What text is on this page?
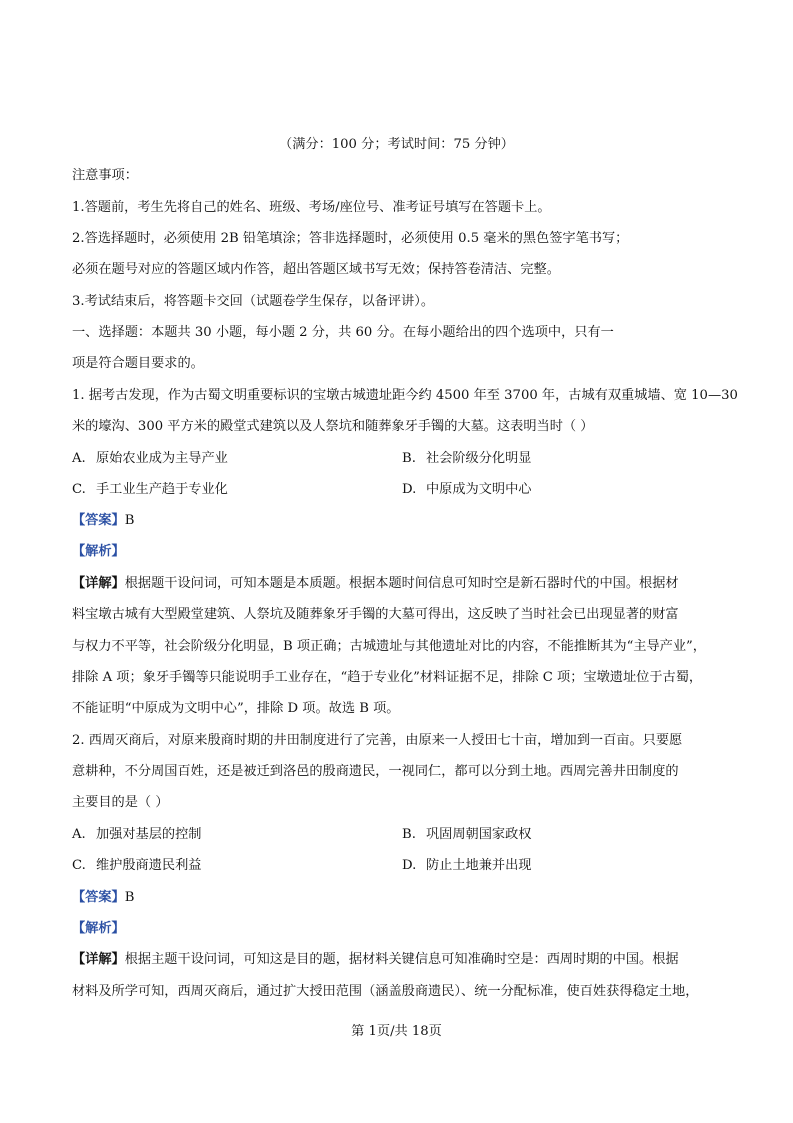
（满分：100 分；考试时间：75 分钟）
注意事项：
1.答题前，考生先将自己的姓名、班级、考场/座位号、准考证号填写在答题卡上。
2.答选择题时，必须使用 2B 铅笔填涂；答非选择题时，必须使用 0.5 毫米的黑色签字笔书写；
必须在题号对应的答题区域内作答，超出答题区域书写无效；保持答卷清洁、完整。
3.考试结束后，将答题卡交回（试题卷学生保存，以备评讲）。
一、选择题：本题共 30 小题，每小题 2 分，共 60 分。在每小题给出的四个选项中，只有一
项是符合题目要求的。
1. 据考古发现，作为古蜀文明重要标识的宝墩古城遗址距今约 4500 年至 3700 年，古城有双重城墙、宽 10—30
米的壕沟、300 平方米的殿堂式建筑以及人祭坑和随葬象牙手镯的大墓。这表明当时（ ）
A. 原始农业成为主导产业	B. 社会阶级分化明显
C. 手工业生产趋于专业化	D. 中原成为文明中心
【答案】B
【解析】
【详解】根据题干设问词，可知本题是本质题。根据本题时间信息可知时空是新石器时代的中国。根据材
料宝墩古城有大型殿堂建筑、人祭坑及随葬象牙手镯的大墓可得出，这反映了当时社会已出现显著的财富
与权力不平等，社会阶级分化明显，B 项正确；古城遗址与其他遗址对比的内容，不能推断其为“主导产业”，
排除 A 项；象牙手镯等只能说明手工业存在，“趋于专业化”材料证据不足，排除 C 项；宝墩遗址位于古蜀，
不能证明“中原成为文明中心”，排除 D 项。故选 B 项。
2. 西周灭商后，对原来殷商时期的井田制度进行了完善，由原来一人授田七十亩，增加到一百亩。只要愿
意耕种，不分周国百姓，还是被迁到洛邑的殷商遗民，一视同仁，都可以分到土地。西周完善井田制度的
主要目的是（ ）
A. 加强对基层的控制	B. 巩固周朝国家政权
C. 维护殷商遗民利益	D. 防止土地兼并出现
【答案】B
【解析】
【详解】根据主题干设问词，可知这是目的题，据材料关键信息可知准确时空是：西周时期的中国。根据
材料及所学可知，西周灭商后，通过扩大授田范围（涵盖殷商遗民）、统一分配标准，使百姓获得稳定土地，
第 1页/共 18页
